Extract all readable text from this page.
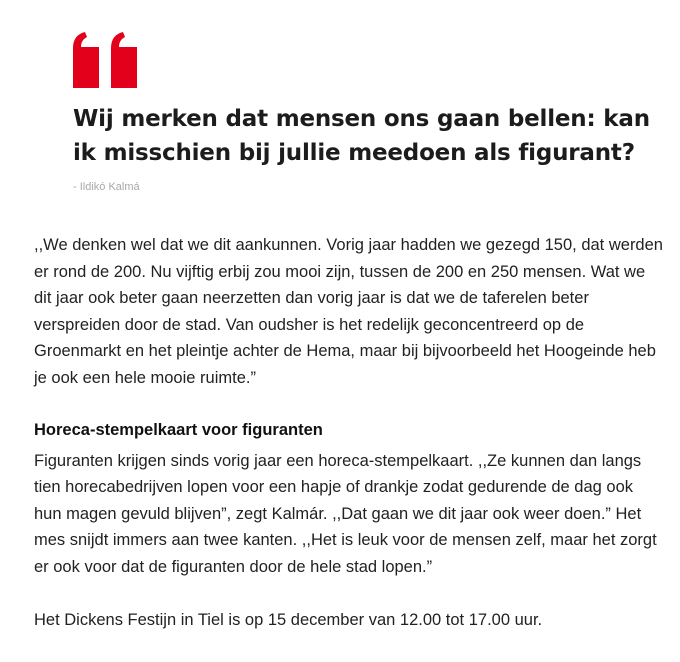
Wij merken dat mensen ons gaan bellen: kan ik misschien bij jullie meedoen als figurant?

- Ildikó Kalmá

,,We denken wel dat we dit aankunnen. Vorig jaar hadden we gezegd 150, dat werden er rond de 200. Nu vijftig erbij zou mooi zijn, tussen de 200 en 250 mensen. Wat we dit jaar ook beter gaan neerzetten dan vorig jaar is dat we de taferelen beter verspreiden door de stad. Van oudsher is het redelijk geconcentreerd op de Groenmarkt en het pleintje achter de Hema, maar bij bijvoorbeeld het Hoogeinde heb je ook een hele mooie ruimte.”

Horeca-stempelkaart voor figuranten

Figuranten krijgen sinds vorig jaar een horeca-stempelkaart. ,,Ze kunnen dan langs tien horecabedrijven lopen voor een hapje of drankje zodat gedurende de dag ook hun magen gevuld blijven”, zegt Kalmár. ,,Dat gaan we dit jaar ook weer doen.” Het mes snijdt immers aan twee kanten. ,,Het is leuk voor de mensen zelf, maar het zorgt er ook voor dat de figuranten door de hele stad lopen.”

Het Dickens Festijn in Tiel is op 15 december van 12.00 tot 17.00 uur.
